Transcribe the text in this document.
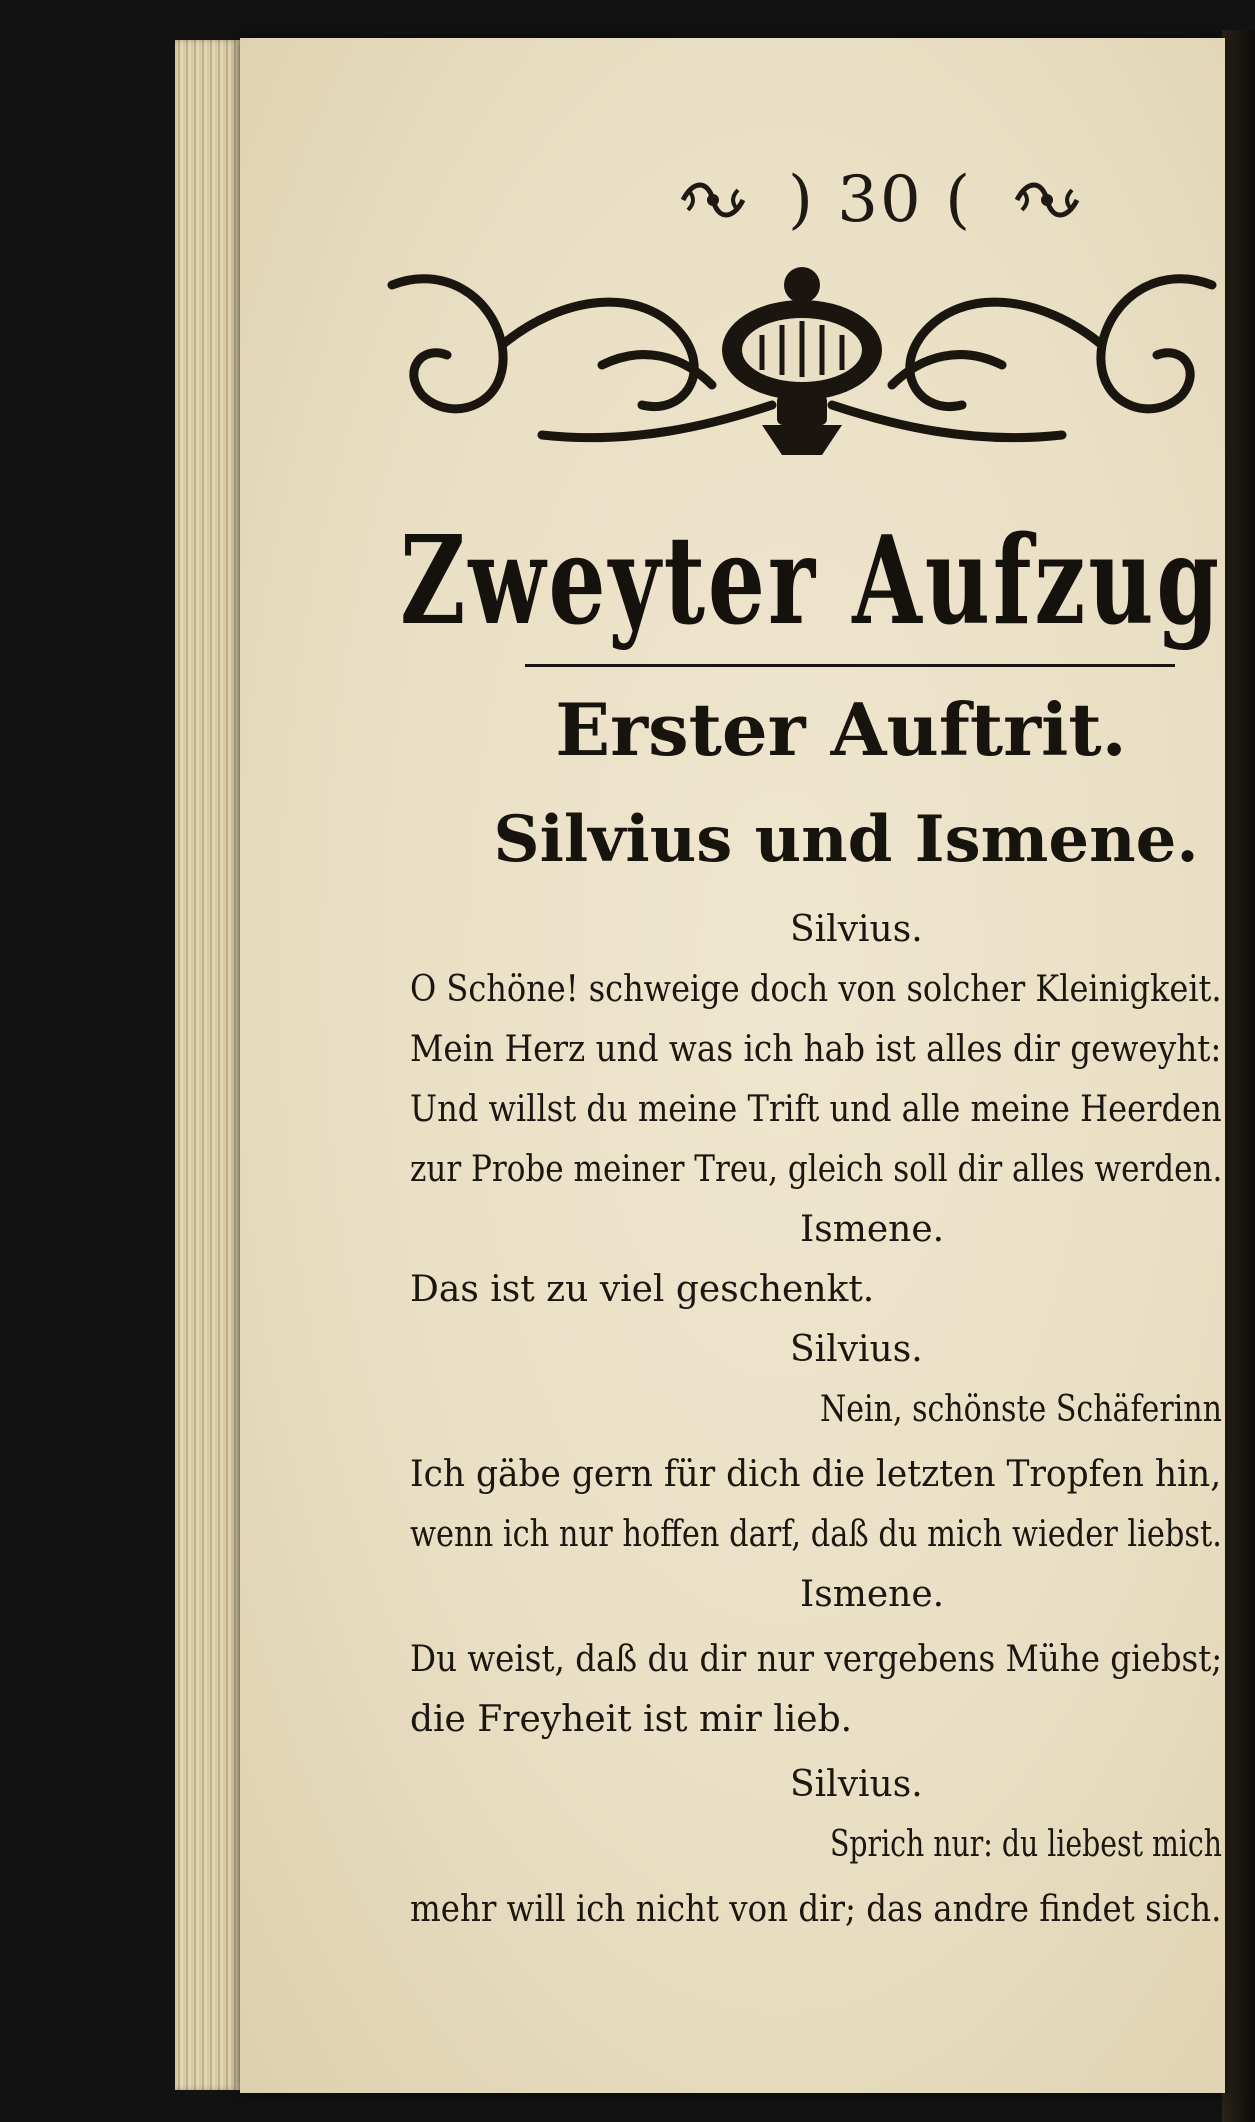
) 30 (
Zweyter Aufzug
Erster Auftrit.
Silvius und Ismene.
Silvius.
O Schöne! schweige doch von solcher Kleinigkeit.
Mein Herz und was ich hab ist alles dir geweyht:
Und willst du meine Trift und alle meine Heerden
zur Probe meiner Treu, gleich soll dir alles werden.
Ismene.
Das ist zu viel geschenkt.
Silvius.
Nein, schönste Schäferinn
Ich gäbe gern für dich die letzten Tropfen hin,
wenn ich nur hoffen darf, daß du mich wieder liebst.
Ismene.
Du weist, daß du dir nur vergebens Mühe giebst;
die Freyheit ist mir lieb.
Silvius.
Sprich nur: du liebest mich
mehr will ich nicht von dir; das andre findet sich.
